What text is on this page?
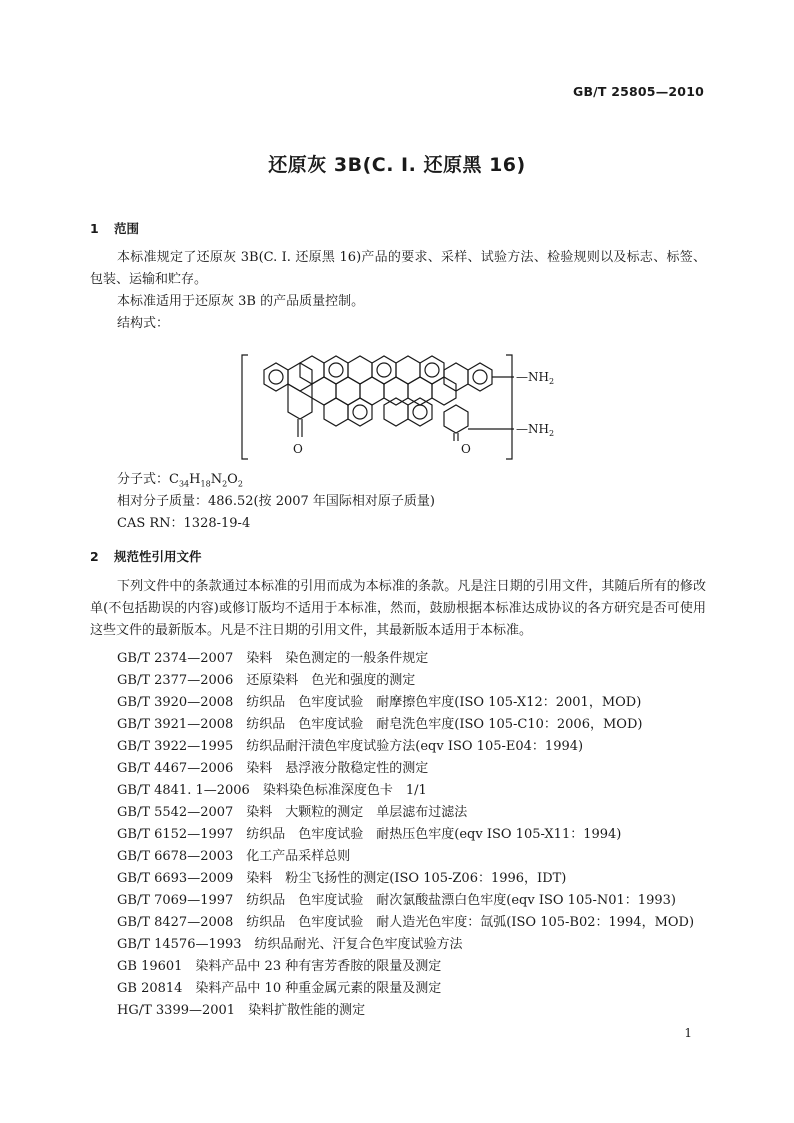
GB/T 25805—2010
还原灰 3B(C. I. 还原黑 16)
1 范围
本标准规定了还原灰 3B(C. I. 还原黑 16)产品的要求、采样、试验方法、检验规则以及标志、标签、包装、运输和贮存。
本标准适用于还原灰 3B 的产品质量控制。
结构式：
O	O
$—NH_2$
$—NH_2$
分子式：$C_{34}H_{18}N_2O_2$
相对分子质量：486.52(按 2007 年国际相对原子质量)
CAS RN：1328-19-4
2 规范性引用文件
下列文件中的条款通过本标准的引用而成为本标准的条款。凡是注日期的引用文件，其随后所有的修改单(不包括勘误的内容)或修订版均不适用于本标准，然而，鼓励根据本标准达成协议的各方研究是否可使用这些文件的最新版本。凡是不注日期的引用文件，其最新版本适用于本标准。
GB/T 2374—2007　染料　染色测定的一般条件规定
GB/T 2377—2006　还原染料　色光和强度的测定
GB/T 3920—2008　纺织品　色牢度试验　耐摩擦色牢度(ISO 105-X12：2001，MOD)
GB/T 3921—2008　纺织品　色牢度试验　耐皂洗色牢度(ISO 105-C10：2006，MOD)
GB/T 3922—1995　纺织品耐汗渍色牢度试验方法(eqv ISO 105-E04：1994)
GB/T 4467—2006　染料　悬浮液分散稳定性的测定
GB/T 4841. 1—2006　染料染色标准深度色卡　1/1
GB/T 5542—2007　染料　大颗粒的测定　单层滤布过滤法
GB/T 6152—1997　纺织品　色牢度试验　耐热压色牢度(eqv ISO 105-X11：1994)
GB/T 6678—2003　化工产品采样总则
GB/T 6693—2009　染料　粉尘飞扬性的测定(ISO 105-Z06：1996，IDT)
GB/T 7069—1997　纺织品　色牢度试验　耐次氯酸盐漂白色牢度(eqv ISO 105-N01：1993)
GB/T 8427—2008　纺织品　色牢度试验　耐人造光色牢度：氙弧(ISO 105-B02：1994，MOD)
GB/T 14576—1993　纺织品耐光、汗复合色牢度试验方法
GB 19601　染料产品中 23 种有害芳香胺的限量及测定
GB 20814　染料产品中 10 种重金属元素的限量及测定
HG/T 3399—2001　染料扩散性能的测定
1
